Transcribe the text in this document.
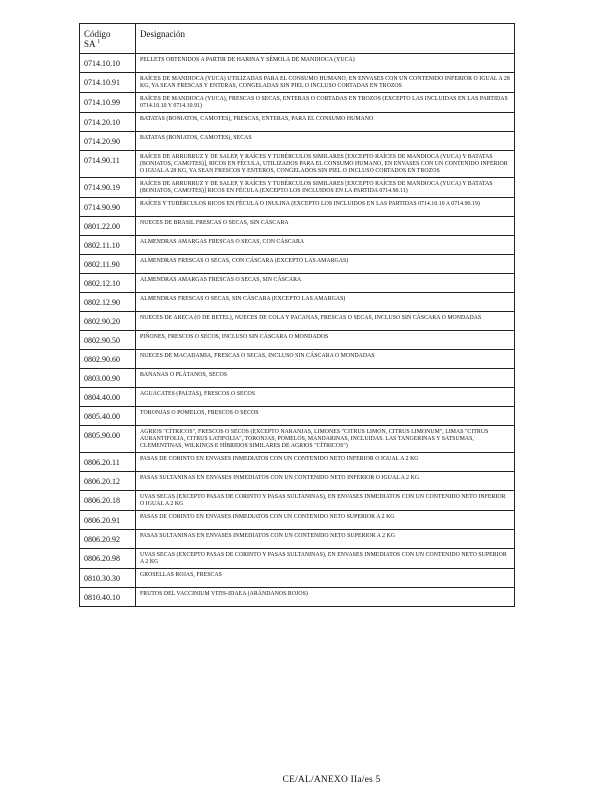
Código
SA $^1$	Designación
0714.10.10	PELLETS OBTENIDOS A PARTIR DE HARINA Y SÉMOLA DE MANDIOCA (YUCA)
0714.10.91	RAÍCES DE MANDIOCA (YUCA) UTILIZADAS PARA EL CONSUMO HUMANO, EN ENVASES CON UN CONTENIDO INFERIOR O IGUAL A 28 KG, YA SEAN FRESCAS Y ENTERAS, CONGELADAS SIN PIEL O INCLUSO CORTADAS EN TROZOS
0714.10.99	RAÍCES DE MANDIOCA (YUCA), FRESCAS O SECAS, ENTERAS O CORTADAS EN TROZOS (EXCEPTO LAS INCLUIDAS EN LAS PARTIDAS 0714.10.10 Y 0714.10.91)
0714.20.10	BATATAS (BONIATOS, CAMOTES), FRESCAS, ENTERAS, PARA EL CONSUMO HUMANO
0714.20.90	BATATAS (BONIATOS, CAMOTES), SECAS
0714.90.11	RAÍCES DE ARRURRUZ Y DE SALEP, Y RAÍCES Y TUBÉRCULOS SIMILARES [EXCEPTO RAÍCES DE MANDIOCA (YUCA) Y BATATAS (BONIATOS, CAMOTES)], RICOS EN FÉCULA, UTILIZADOS PARA EL CONSUMO HUMANO, EN ENVASES CON UN CONTENIDO INFERIOR O IGUAL A 28 KG, YA SEAN FRESCOS Y ENTEROS, CONGELADOS SIN PIEL O INCLUSO CORTADOS EN TROZOS
0714.90.19	RAÍCES DE ARRURRUZ Y DE SALEP, Y RAÍCES Y TUBÉRCULOS SIMILARES [EXCEPTO RAÍCES DE MANDIOCA (YUCA) Y BATATAS (BONIATOS, CAMOTES)] RICOS EN FÉCULA (EXCEPTO LOS INCLUIDOS EN LA PARTIDA 0714.90.11)
0714.90.90	RAÍCES Y TUBÉRCULOS RICOS EN FÉCULA O INULINA (EXCEPTO LOS INCLUIDOS EN LAS PARTIDAS 0714.10.10 A 0714.90.19)
0801.22.00	NUECES DE BRASIL FRESCAS O SECAS, SIN CÁSCARA
0802.11.10	ALMENDRAS AMARGAS FRESCAS O SECAS, CON CÁSCARA
0802.11.90	ALMENDRAS FRESCAS O SECAS, CON CÁSCARA (EXCEPTO LAS AMARGAS)
0802.12.10	ALMENDRAS AMARGAS FRESCAS O SECAS, SIN CÁSCARA
0802.12.90	ALMENDRAS FRESCAS O SECAS, SIN CÁSCARA (EXCEPTO LAS AMARGAS)
0802.90.20	NUECES DE ARECA (O DE BETEL), NUECES DE COLA Y PACANAS, FRESCAS O SECAS, INCLUSO SIN CÁSCARA O MONDADAS
0802.90.50	PIÑONES, FRESCOS O SECOS, INCLUSO SIN CÁSCARA O MONDADOS
0802.90.60	NUECES DE MACADAMIA, FRESCAS O SECAS, INCLUSO SIN CÁSCARA O MONDADAS
0803.00.90	BANANAS O PLÁTANOS, SECOS
0804.40.00	AGUACATES (PALTAS), FRESCOS O SECOS
0805.40.00	TORONJAS O POMELOS, FRESCOS O SECOS
0805.90.00	AGRIOS "CÍTRICOS", FRESCOS O SECOS (EXCEPTO NARANJAS, LIMONES "CITRUS LIMON, CITRUS LIMONUM", LIMAS "CITRUS AURANTIFOLIA, CITRUS LATIFOLIA", TORONJAS, POMELOS, MANDARINAS, INCLUIDAS. LAS TANGERINAS Y SATSUMAS, CLEMENTINAS, WILKINGS E HÍBRIDOS SIMILARES DE AGRIOS "CÍTRICOS")
0806.20.11	PASAS DE CORINTO EN ENVASES INMEDIATOS CON UN CONTENIDO NETO INFERIOR O IGUAL A 2 KG
0806.20.12	PASAS SULTANINAS EN ENVASES INMEDIATOS CON UN CONTENIDO NETO INFERIOR O IGUAL A 2 KG
0806.20.18	UVAS SECAS (EXCEPTO PASAS DE CORINTO Y PASAS SULTANINAS), EN ENVASES INMEDIATOS CON UN CONTENIDO NETO INFERIOR O IGUAL A 2 KG
0806.20.91	PASAS DE CORINTO EN ENVASES INMEDIATOS CON UN CONTENIDO NETO SUPERIOR A 2 KG
0806.20.92	PASAS SULTANINAS EN ENVASES INMEDIATOS CON UN CONTENIDO NETO SUPERIOR A 2 KG
0806.20.98	UVAS SECAS (EXCEPTO PASAS DE CORINTO Y PASAS SULTANINAS), EN ENVASES INMEDIATOS CON UN CONTENIDO NETO SUPERIOR A 2 KG
0810.30.30	GROSELLAS ROJAS, FRESCAS
0810.40.10	FRUTOS DEL VACCINIUM VITIS-IDAEA (ARÁNDANOS ROJOS)
CE/AL/ANEXO IIa/es 5
